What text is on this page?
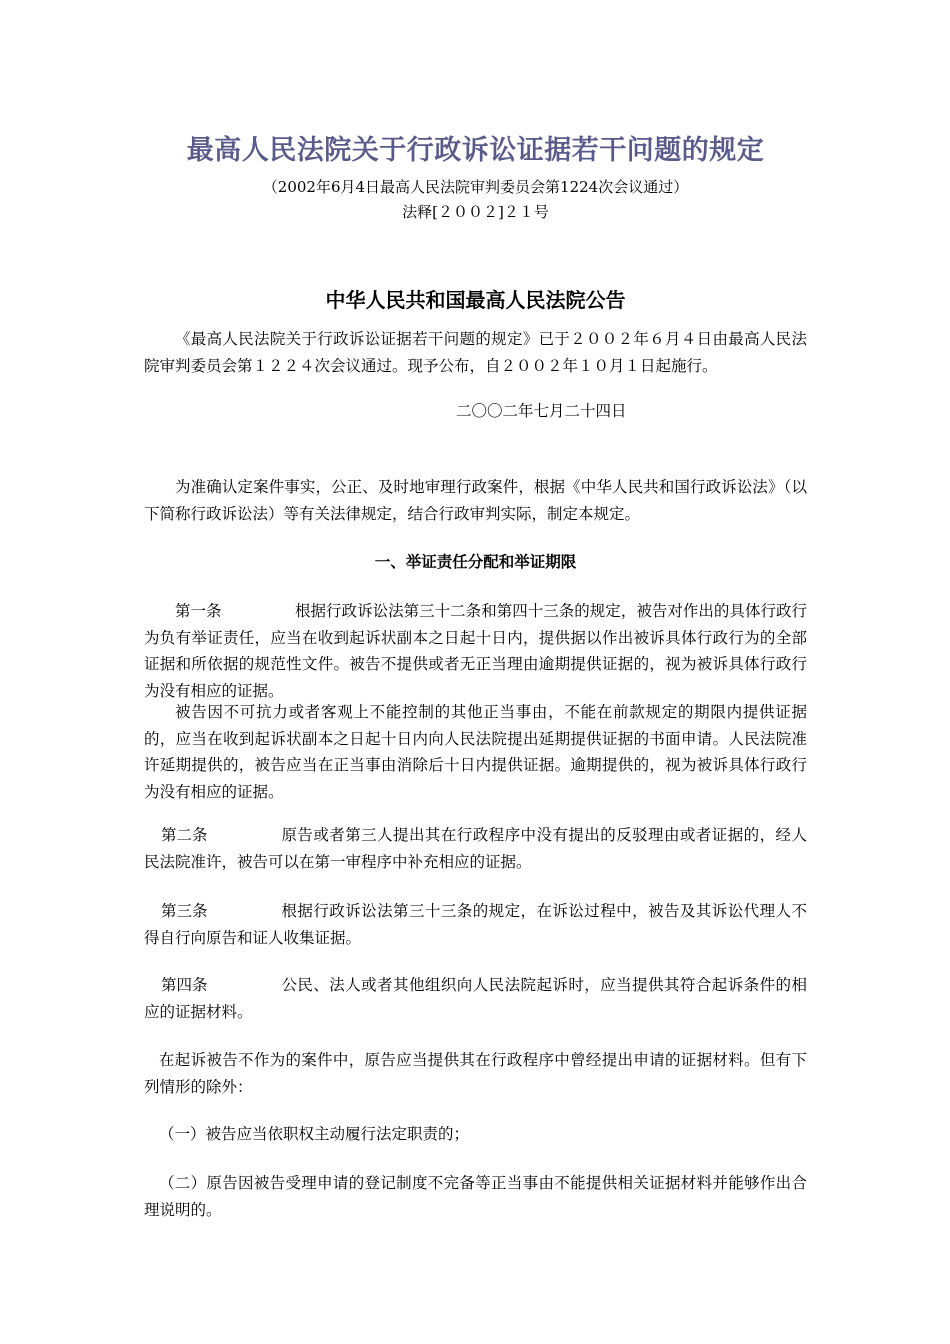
最高人民法院关于行政诉讼证据若干问题的规定

（2002年6月4日最高人民法院审判委员会第1224次会议通过）

法释[２００２]２１号

中华人民共和国最高人民法院公告

《最高人民法院关于行政诉讼证据若干问题的规定》已于２００２年６月４日由最高人民法院审判委员会第１２２４次会议通过。现予公布，自２００２年１０月１日起施行。

二〇〇二年七月二十四日

为准确认定案件事实，公正、及时地审理行政案件，根据《中华人民共和国行政诉讼法》（以下简称行政诉讼法）等有关法律规定，结合行政审判实际，制定本规定。

一、举证责任分配和举证期限

第一条	根据行政诉讼法第三十二条和第四十三条的规定，被告对作出的具体行政行为负有举证责任，应当在收到起诉状副本之日起十日内，提供据以作出被诉具体行政行为的全部证据和所依据的规范性文件。被告不提供或者无正当理由逾期提供证据的，视为被诉具体行政行为没有相应的证据。

被告因不可抗力或者客观上不能控制的其他正当事由，不能在前款规定的期限内提供证据的，应当在收到起诉状副本之日起十日内向人民法院提出延期提供证据的书面申请。人民法院准许延期提供的，被告应当在正当事由消除后十日内提供证据。逾期提供的，视为被诉具体行政行为没有相应的证据。

第二条	原告或者第三人提出其在行政程序中没有提出的反驳理由或者证据的，经人民法院准许，被告可以在第一审程序中补充相应的证据。

第三条	根据行政诉讼法第三十三条的规定，在诉讼过程中，被告及其诉讼代理人不得自行向原告和证人收集证据。

第四条	公民、法人或者其他组织向人民法院起诉时，应当提供其符合起诉条件的相应的证据材料。

在起诉被告不作为的案件中，原告应当提供其在行政程序中曾经提出申请的证据材料。但有下列情形的除外：

（一）被告应当依职权主动履行法定职责的；

（二）原告因被告受理申请的登记制度不完备等正当事由不能提供相关证据材料并能够作出合理说明的。
